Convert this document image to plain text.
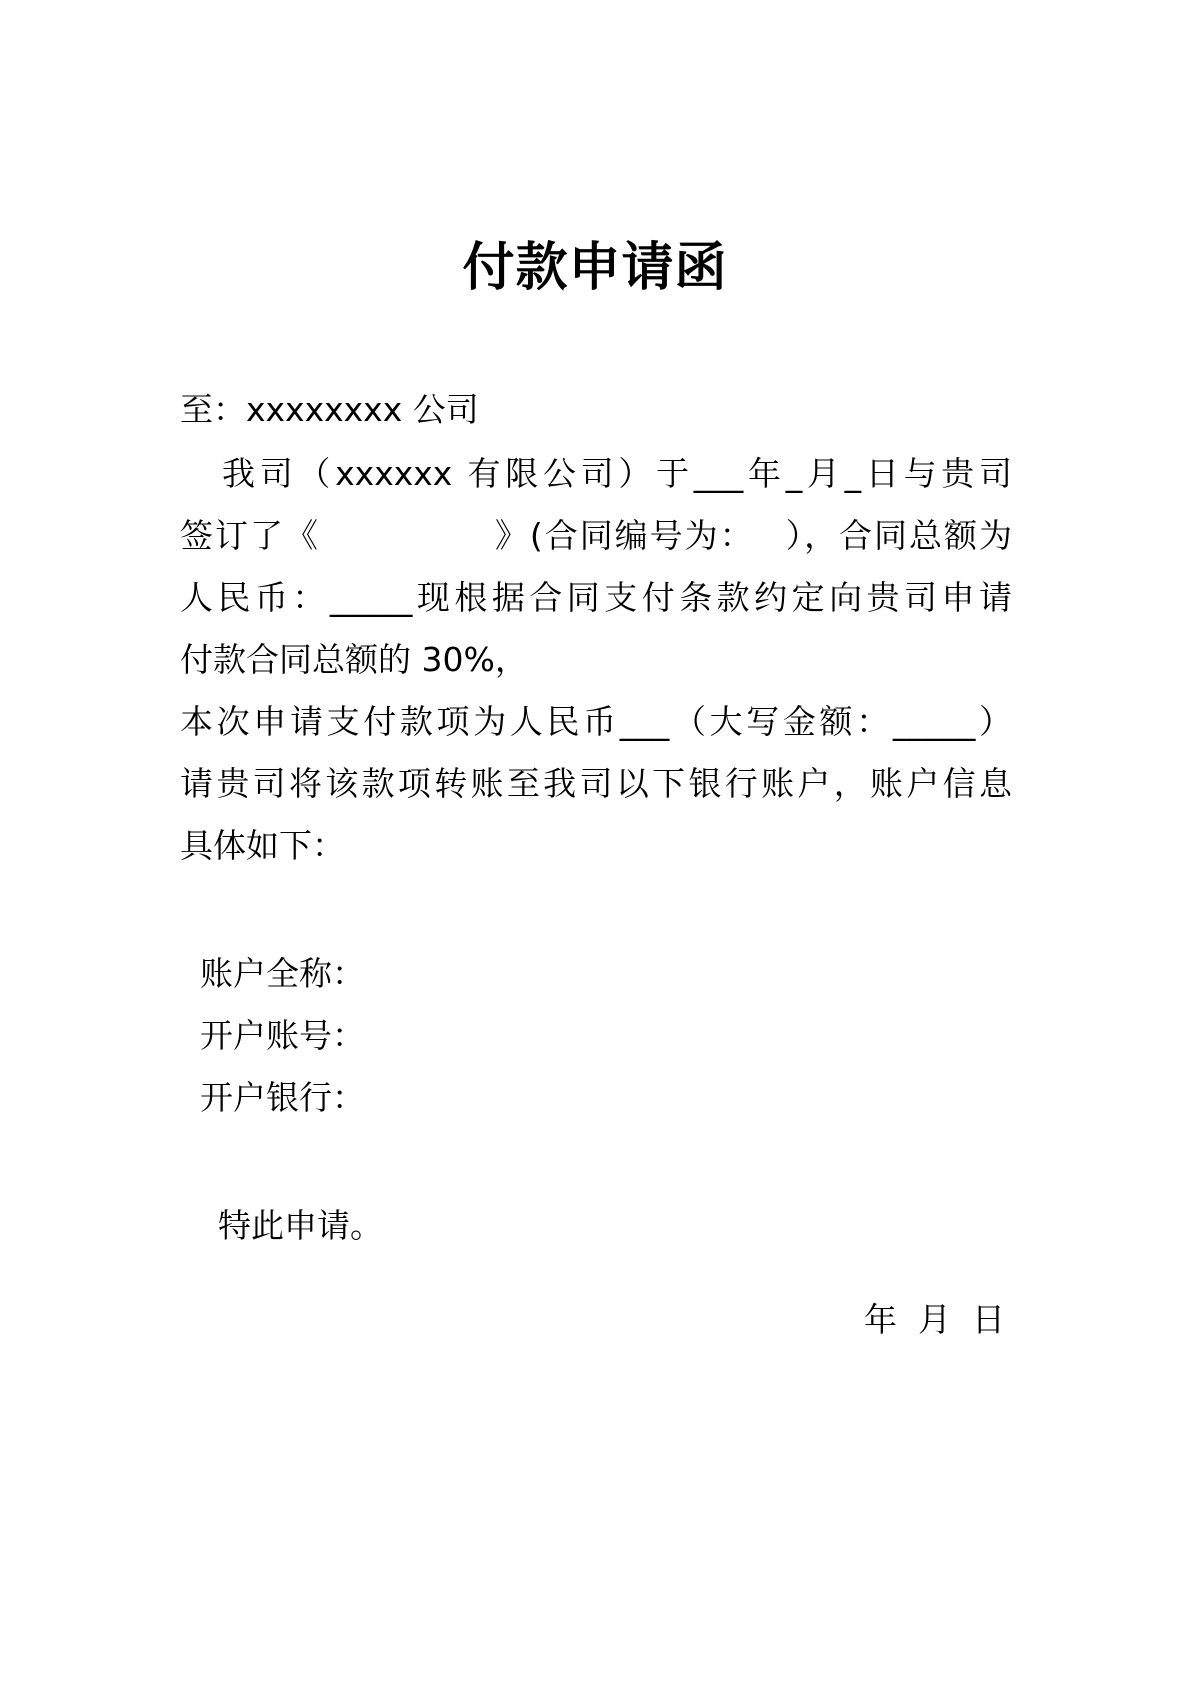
付款申请函
至：xxxxxxxx 公司
我司（xxxxxx 有限公司）于___年_月_日与贵司
签订了《　　　　　》(合同编号为：　 ），合同总额为
人民币：_____现根据合同支付条款约定向贵司申请
付款合同总额的 30%，
本次申请支付款项为人民币___（大写金额：_____）
请贵司将该款项转账至我司以下银行账户，账户信息
具体如下：
账户全称：
开户账号：
开户银行：
特此申请。
年  月  日
